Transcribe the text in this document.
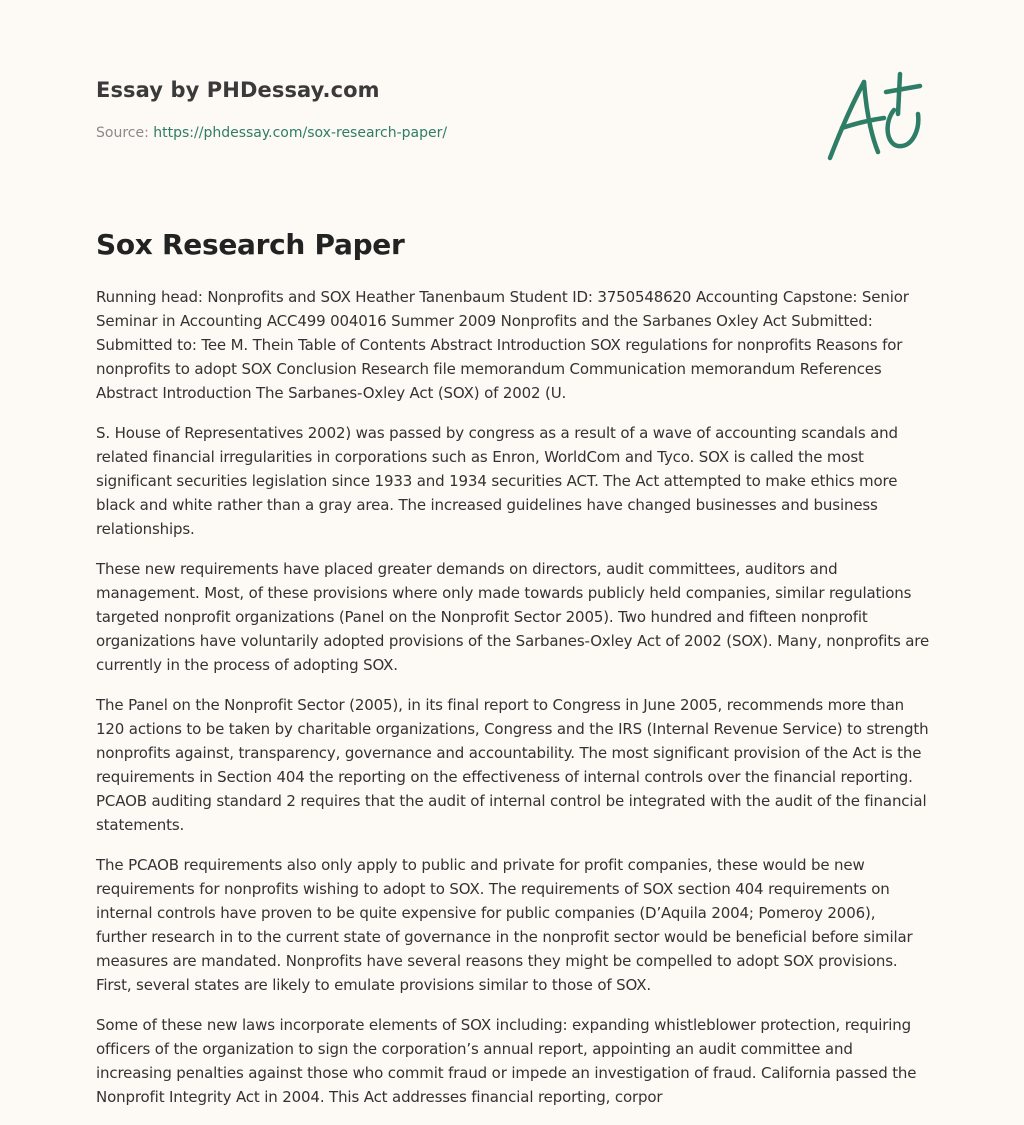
Essay by PHDessay.com
Source: https://phdessay.com/sox-research-paper/
Sox Research Paper

Running head: Nonprofits and SOX Heather Tanenbaum Student ID: 3750548620 Accounting Capstone: Senior Seminar in Accounting ACC499 004016 Summer 2009 Nonprofits and the Sarbanes Oxley Act Submitted: Submitted to: Tee M. Thein Table of Contents Abstract Introduction SOX regulations for nonprofits Reasons for nonprofits to adopt SOX Conclusion Research file memorandum Communication memorandum References Abstract Introduction The Sarbanes-Oxley Act (SOX) of 2002 (U.

S. House of Representatives 2002) was passed by congress as a result of a wave of accounting scandals and related financial irregularities in corporations such as Enron, WorldCom and Tyco. SOX is called the most significant securities legislation since 1933 and 1934 securities ACT. The Act attempted to make ethics more black and white rather than a gray area. The increased guidelines have changed businesses and business relationships.

These new requirements have placed greater demands on directors, audit committees, auditors and management. Most, of these provisions where only made towards publicly held companies, similar regulations targeted nonprofit organizations (Panel on the Nonprofit Sector 2005). Two hundred and fifteen nonprofit organizations have voluntarily adopted provisions of the Sarbanes-Oxley Act of 2002 (SOX). Many, nonprofits are currently in the process of adopting SOX.

The Panel on the Nonprofit Sector (2005), in its final report to Congress in June 2005, recommends more than 120 actions to be taken by charitable organizations, Congress and the IRS (Internal Revenue Service) to strength nonprofits against, transparency, governance and accountability. The most significant provision of the Act is the requirements in Section 404 the reporting on the effectiveness of internal controls over the financial reporting. PCAOB auditing standard 2 requires that the audit of internal control be integrated with the audit of the financial statements.

The PCAOB requirements also only apply to public and private for profit companies, these would be new requirements for nonprofits wishing to adopt to SOX. The requirements of SOX section 404 requirements on internal controls have proven to be quite expensive for public companies (D’Aquila 2004; Pomeroy 2006), further research in to the current state of governance in the nonprofit sector would be beneficial before similar measures are mandated. Nonprofits have several reasons they might be compelled to adopt SOX provisions. First, several states are likely to emulate provisions similar to those of SOX.

Some of these new laws incorporate elements of SOX including: expanding whistleblower protection, requiring officers of the organization to sign the corporation’s annual report, appointing an audit committee and increasing penalties against those who commit fraud or impede an investigation of fraud. California passed the Nonprofit Integrity Act in 2004. This Act addresses financial reporting, corpor
